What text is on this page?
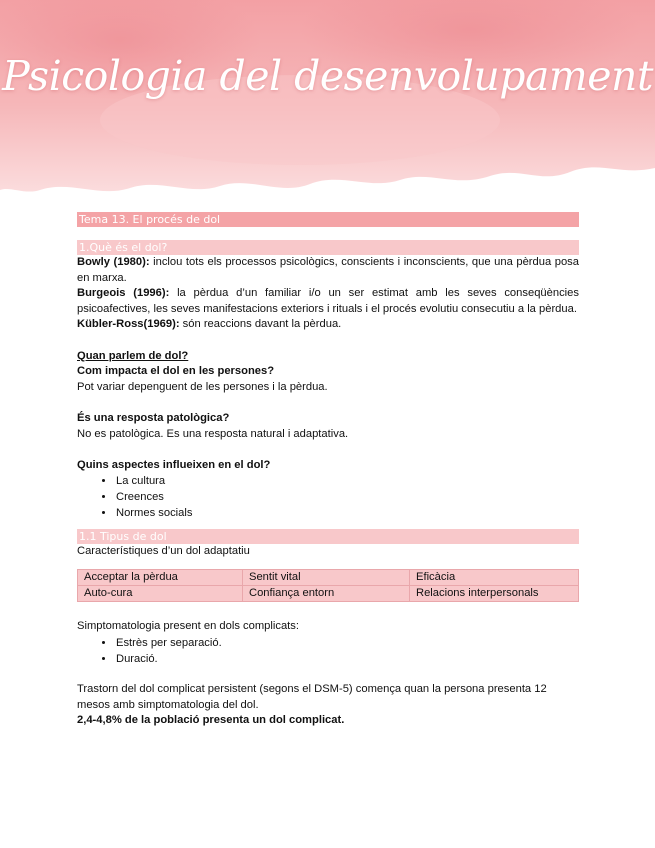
Psicologia del desenvolupament
Tema 13. El procés de dol
1.Què és el dol?

Bowly (1980): inclou tots els processos psicològics, conscients i inconscients, que una pèrdua posa en marxa.

Burgeois (1996): la pèrdua d’un familiar i/o un ser estimat amb les seves conseqüències psicoafectives, les seves manifestacions exteriors i rituals i el procés evolutiu consecutiu a la pèrdua.

Kübler-Ross(1969): són reaccions davant la pèrdua.

Quan parlem de dol?

Com impacta el dol en les persones?

Pot variar depenguent de les persones i la pèrdua.

És una resposta patològica?

No es patològica. Es una resposta natural i adaptativa.

Quins aspectes influeixen en el dol?

• La cultura
• Creences
• Normes socials
1.1 Tipus de dol

Característiques d’un dol adaptatiu

Acceptar la pèrdua	Sentit vital	Eficàcia
Auto-cura	Confiança entorn	Relacions interpersonals

Simptomatologia present en dols complicats:

• Estrès per separació.
• Duració.

Trastorn del dol complicat persistent (segons el DSM-5) comença quan la persona presenta 12 mesos amb simptomatologia del dol.

2,4-4,8% de la població presenta un dol complicat.
